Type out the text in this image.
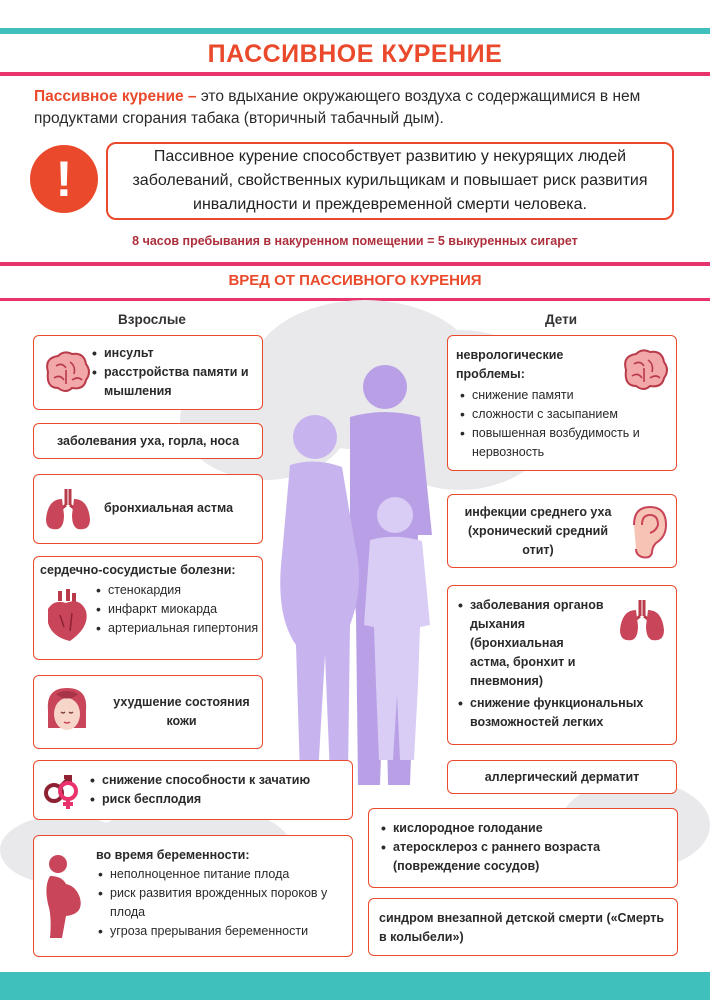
ПАССИВНОЕ КУРЕНИЕ
Пассивное курение – это вдыхание окружающего воздуха с содержащимися в нем продуктами сгорания табака (вторичный табачный дым).
!	Пассивное курение способствует развитию у некурящих людей заболеваний, свойственных курильщикам и повышает риск развития инвалидности и преждевременной смерти человека.
8 часов пребывания в накуренном помещении = 5 выкуренных сигарет
ВРЕД ОТ ПАССИВНОГО КУРЕНИЯ
Взрослые	Дети
• инсульт
• расстройства памяти и мышления
заболевания уха, горла, носа
бронхиальная астма
сердечно-сосудистые болезни:
• стенокардия
• инфаркт миокарда
• артериальная гипертония
ухудшение состояния кожи
• снижение способности к зачатию
• риск бесплодия
во время беременности:
• неполноценное питание плода
• риск развития врожденных пороков у плода
• угроза прерывания беременности
неврологические проблемы:
• снижение памяти
• сложности с засыпанием
• повышенная возбудимость и нервозность
инфекции среднего уха (хронический средний отит)
• заболевания органов дыхания (бронхиальная астма, бронхит и пневмония)
• снижение функциональных возможностей легких
аллергический дерматит
• кислородное голодание
• атеросклероз с раннего возраста (повреждение сосудов)
синдром внезапной детской смерти («Смерть в колыбели»)
